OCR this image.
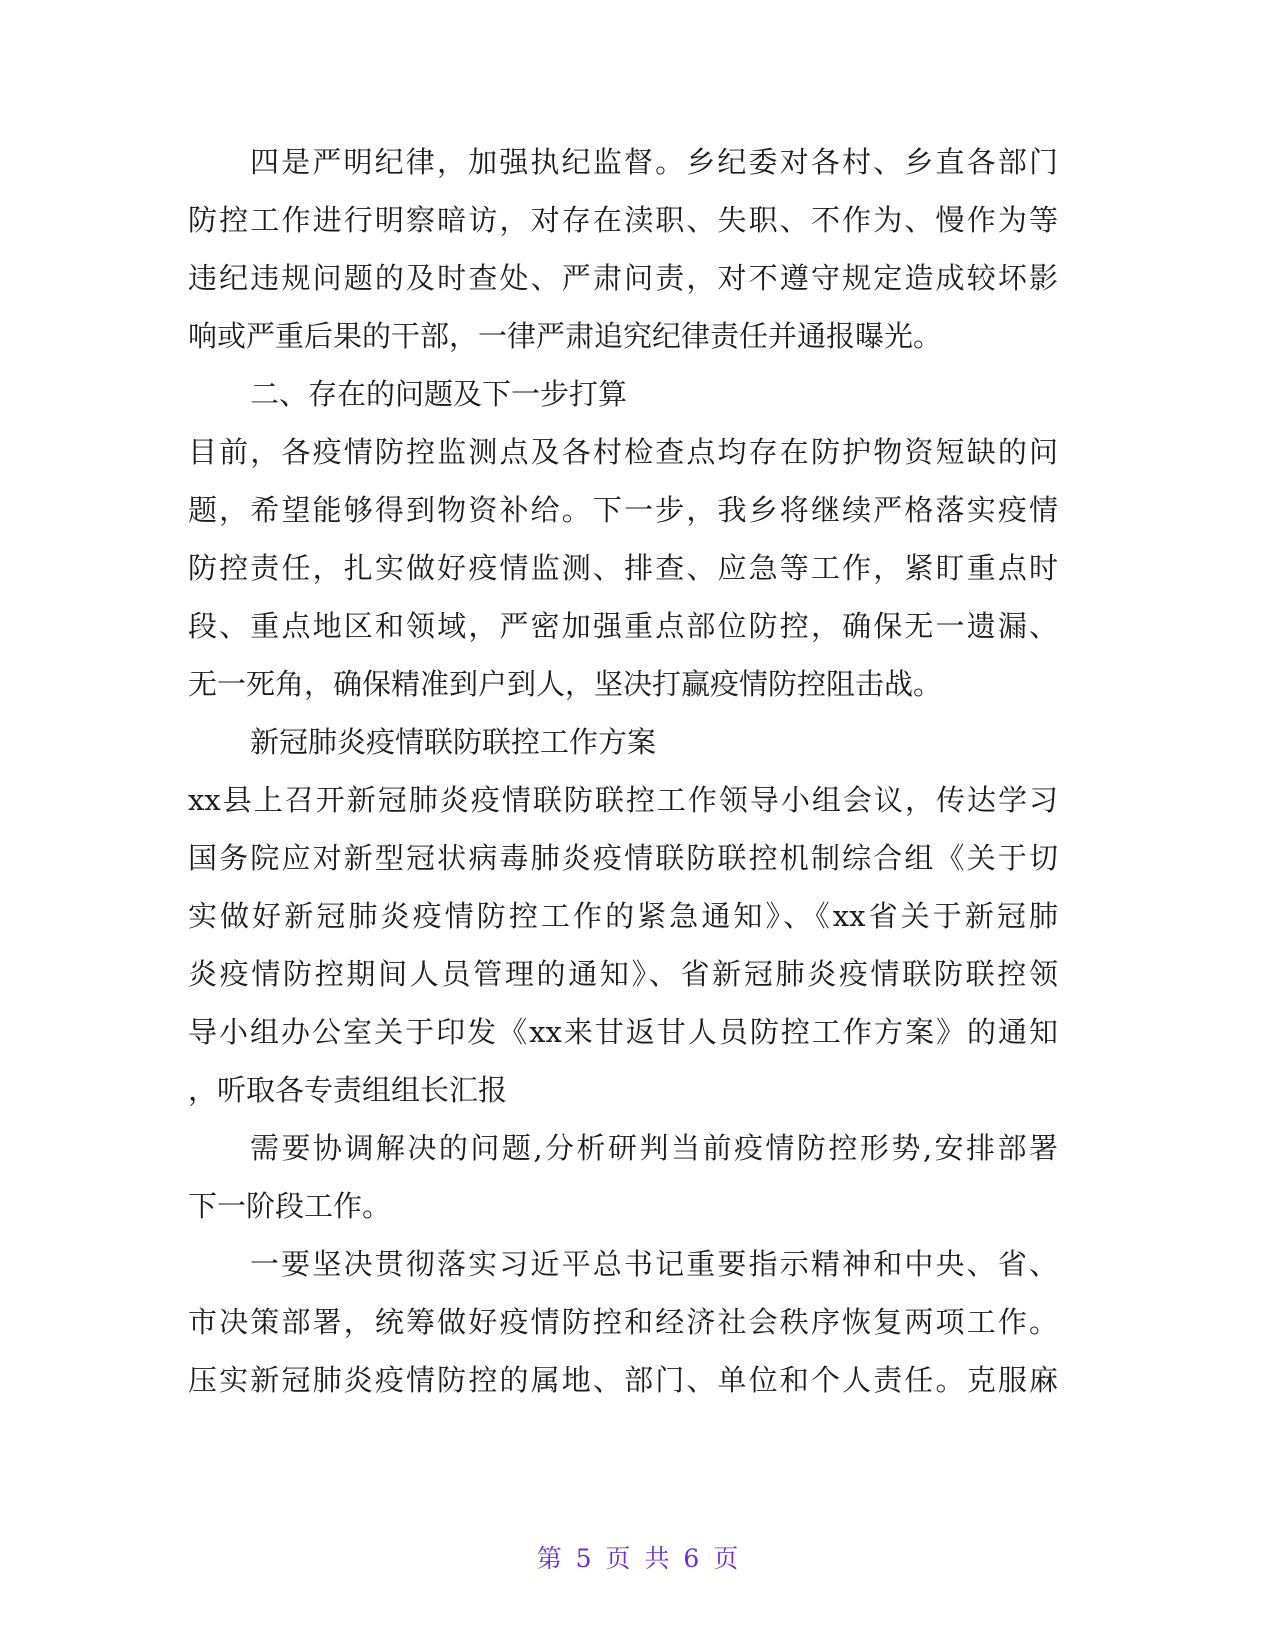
四是严明纪律，加强执纪监督。乡纪委对各村、乡直各部门
防控工作进行明察暗访，对存在渎职、失职、不作为、慢作为等
违纪违规问题的及时查处、严肃问责，对不遵守规定造成较坏影
响或严重后果的干部，一律严肃追究纪律责任并通报曝光。
二、存在的问题及下一步打算
目前，各疫情防控监测点及各村检查点均存在防护物资短缺的问
题，希望能够得到物资补给。下一步，我乡将继续严格落实疫情
防控责任，扎实做好疫情监测、排查、应急等工作，紧盯重点时
段、重点地区和领域，严密加强重点部位防控，确保无一遗漏、
无一死角，确保精准到户到人，坚决打赢疫情防控阻击战。
新冠肺炎疫情联防联控工作方案
xx县上召开新冠肺炎疫情联防联控工作领导小组会议，传达学习
国务院应对新型冠状病毒肺炎疫情联防联控机制综合组《关于切
实做好新冠肺炎疫情防控工作的紧急通知》、《xx省关于新冠肺
炎疫情防控期间人员管理的通知》、省新冠肺炎疫情联防联控领
导小组办公室关于印发《xx来甘返甘人员防控工作方案》的通知
，听取各专责组组长汇报
需要协调解决的问题,分析研判当前疫情防控形势,安排部署
下一阶段工作。
一要坚决贯彻落实习近平总书记重要指示精神和中央、省、
市决策部署，统筹做好疫情防控和经济社会秩序恢复两项工作。
压实新冠肺炎疫情防控的属地、部门、单位和个人责任。克服麻
第 5 页 共 6 页
